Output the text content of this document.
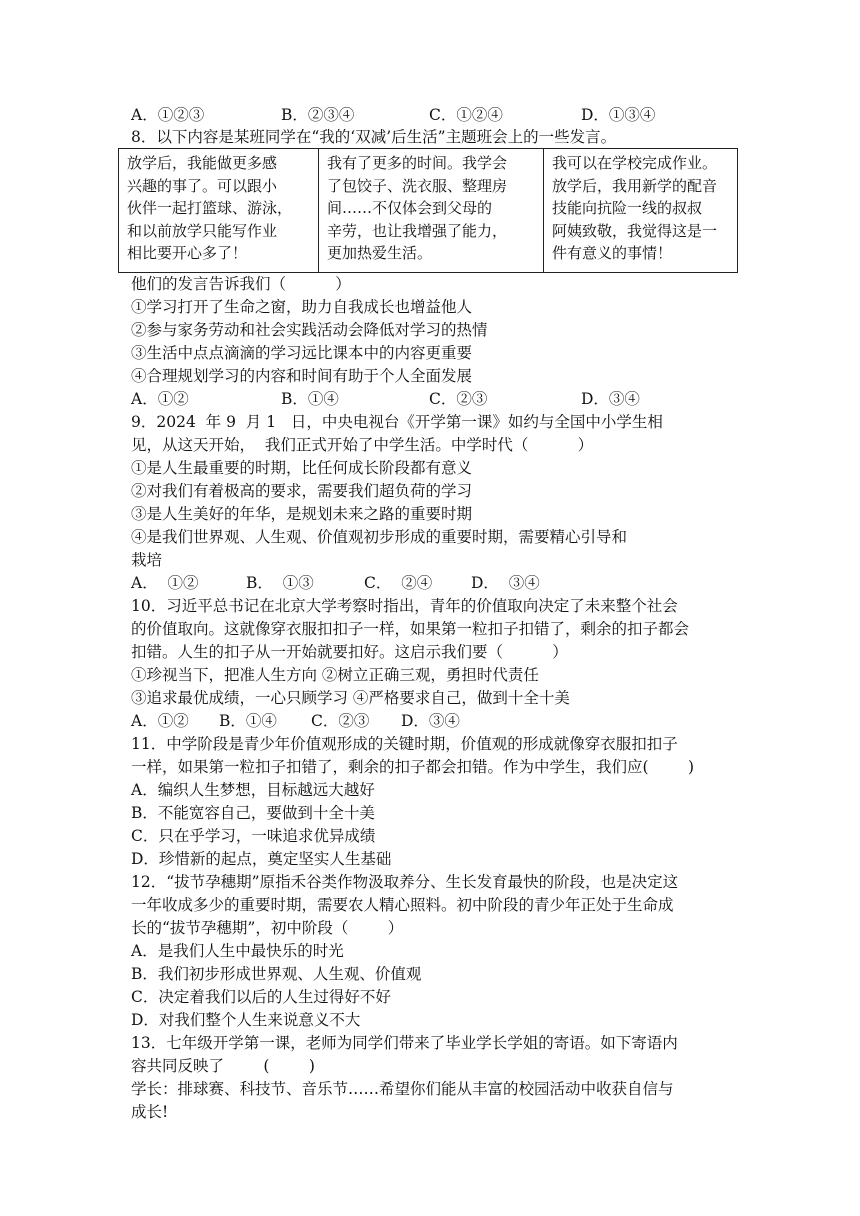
A．①②③

	B．②③④

	C．①②④

	D．①③④

8．以下内容是某班同学在“我的‘双减’后生活”主题班会上的一些发言。
放学后，我能做更多感
兴趣的事了。可以跟小
伙伴一起打篮球、游泳，
和以前放学只能写作业
相比要开心多了！

我有了更多的时间。我学会
了包饺子、洗衣服、整理房
间……不仅体会到父母的
辛劳，也让我增强了能力，
更加热爱生活。

我可以在学校完成作业。
放学后，我用新学的配音
技能向抗险一线的叔叔
阿姨致敬，我觉得这是一
件有意义的事情！
他们的发言告诉我们（          ）
①学习打开了生命之窗，助力自我成长也增益他人
②参与家务劳动和社会实践活动会降低对学习的热情
③生活中点点滴滴的学习远比课本中的内容更重要
④合理规划学习的内容和时间有助于个人全面发展

A．①②

	B．①④

	C．②③

	D．③④

9．2024  年 9  月 1   日，中央电视台《开学第一课》如约与全国中小学生相
见，从这天开始，  我们正式开始了中学生活。中学时代（          ）
①是人生最重要的时期，比任何成长阶段都有意义
②对我们有着极高的要求，需要我们超负荷的学习
③是人生美好的年华，是规划未来之路的重要时期
④是我们世界观、人生观、价值观初步形成的重要时期，需要精心引导和
栽培

A．  ①②

	B．  ①③

	C．  ②④

	D．  ③④

10．习近平总书记在北京大学考察时指出，青年的价值取向决定了未来整个社会
的价值取向。这就像穿衣服扣扣子一样，如果第一粒扣子扣错了，剩余的扣子都会
扣错。人生的扣子从一开始就要扣好。这启示我们要（          ）
①珍视当下，把准人生方向 ②树立正确三观，勇担时代责任
③追求最优成绩，一心只顾学习 ④严格要求自己，做到十全十美

A．①②

B．①④

C．②③

D．③④

11．中学阶段是青少年价值观形成的关键时期，价值观的形成就像穿衣服扣扣子
一样，如果第一粒扣子扣错了，剩余的扣子都会扣错。作为中学生，我们应(        )
A．编织人生梦想，目标越远大越好
B．不能宽容自己，要做到十全十美
C．只在乎学习，一味追求优异成绩
D．珍惜新的起点，奠定坚实人生基础
12．“拔节孕穗期”原指禾谷类作物汲取养分、生长发育最快的阶段，也是决定这
一年收成多少的重要时期，需要农人精心照料。初中阶段的青少年正处于生命成
长的“拔节孕穗期”，初中阶段（        ）
A．是我们人生中最快乐的时光
B．我们初步形成世界观、人生观、价值观
C．决定着我们以后的人生过得好不好
D．对我们整个人生来说意义不大
13．七年级开学第一课，老师为同学们带来了毕业学长学姐的寄语。如下寄语内
容共同反映了        (        )
学长：排球赛、科技节、音乐节……希望你们能从丰富的校园活动中收获自信与
成长!
